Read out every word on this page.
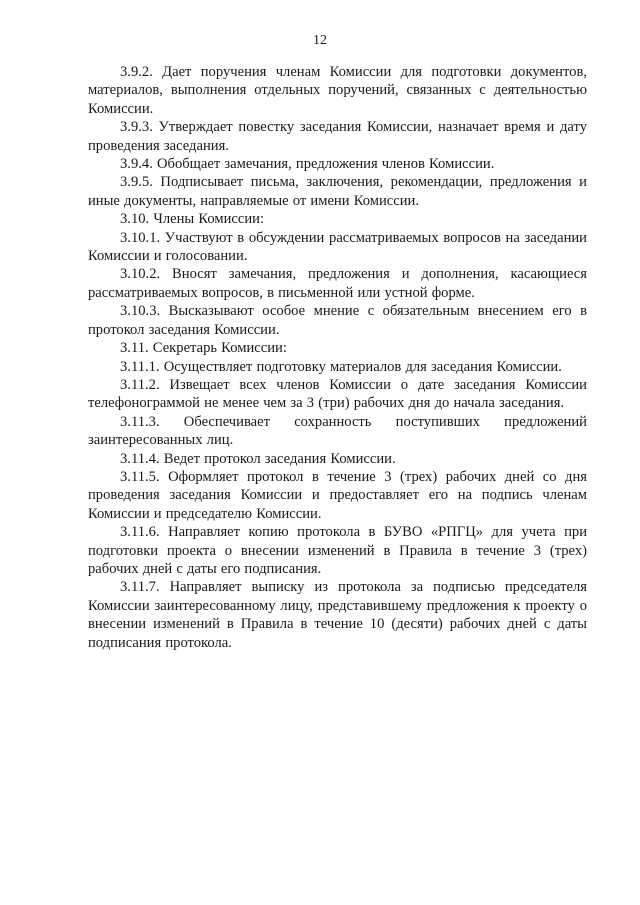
12

3.9.2. Дает поручения членам Комиссии для подготовки документов, материалов, выполнения отдельных поручений, связанных с деятельностью Комиссии.

3.9.3. Утверждает повестку заседания Комиссии, назначает время и дату проведения заседания.

3.9.4. Обобщает замечания, предложения членов Комиссии.

3.9.5. Подписывает письма, заключения, рекомендации, предложения и иные документы, направляемые от имени Комиссии.

3.10. Члены Комиссии:

3.10.1. Участвуют в обсуждении рассматриваемых вопросов на заседании Комиссии и голосовании.

3.10.2. Вносят замечания, предложения и дополнения, касающиеся рассматриваемых вопросов, в письменной или устной форме.

3.10.3. Высказывают особое мнение с обязательным внесением его в протокол заседания Комиссии.

3.11. Секретарь Комиссии:

3.11.1. Осуществляет подготовку материалов для заседания Комиссии.

3.11.2. Извещает всех членов Комиссии о дате заседания Комиссии телефонограммой не менее чем за 3 (три) рабочих дня до начала заседания.

3.11.3. Обеспечивает сохранность поступивших предложений заинтересованных лиц.

3.11.4. Ведет протокол заседания Комиссии.

3.11.5. Оформляет протокол в течение 3 (трех) рабочих дней со дня проведения заседания Комиссии и предоставляет его на подпись членам Комиссии и председателю Комиссии.

3.11.6. Направляет копию протокола в БУВО «РПГЦ» для учета при подготовки проекта о внесении изменений в Правила в течение 3 (трех) рабочих дней с даты его подписания.

3.11.7. Направляет выписку из протокола за подписью председателя Комиссии заинтересованному лицу, представившему предложения к проекту о внесении изменений в Правила в течение 10 (десяти) рабочих дней с даты подписания протокола.
